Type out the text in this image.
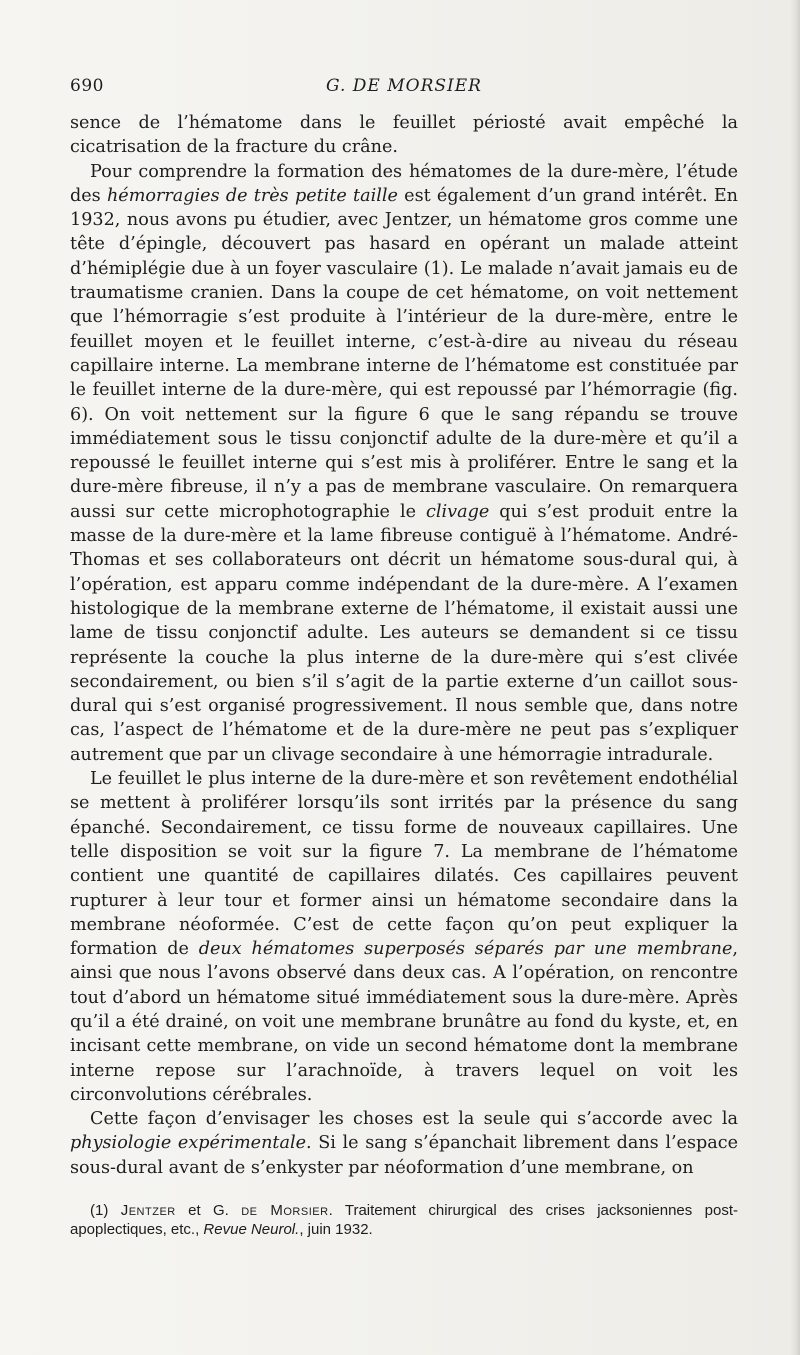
690	G. DE MORSIER

sence de l’hématome dans le feuillet périosté avait empêché la cicatrisation de la fracture du crâne.

Pour comprendre la formation des hématomes de la dure-mère, l’étude des hémorragies de très petite taille est également d’un grand intérêt. En 1932, nous avons pu étudier, avec Jentzer, un hématome gros comme une tête d’épingle, découvert pas hasard en opérant un malade atteint d’hémiplégie due à un foyer vasculaire (1). Le malade n’avait jamais eu de traumatisme cranien. Dans la coupe de cet hématome, on voit nettement que l’hémorragie s’est produite à l’intérieur de la dure-mère, entre le feuillet moyen et le feuillet interne, c’est-à-dire au niveau du réseau capillaire interne. La membrane interne de l’hématome est constituée par le feuillet interne de la dure-mère, qui est repoussé par l’hémorragie (fig. 6). On voit nettement sur la figure 6 que le sang répandu se trouve immédiatement sous le tissu conjonctif adulte de la dure-mère et qu’il a repoussé le feuillet interne qui s’est mis à proliférer. Entre le sang et la dure-mère fibreuse, il n’y a pas de membrane vasculaire. On remarquera aussi sur cette microphotographie le clivage qui s’est produit entre la masse de la dure-mère et la lame fibreuse contiguë à l’hématome. André-Thomas et ses collaborateurs ont décrit un hématome sous-dural qui, à l’opération, est apparu comme indépendant de la dure-mère. A l’examen histologique de la membrane externe de l’hématome, il existait aussi une lame de tissu conjonctif adulte. Les auteurs se demandent si ce tissu représente la couche la plus interne de la dure-mère qui s’est clivée secondairement, ou bien s’il s’agit de la partie externe d’un caillot sous-dural qui s’est organisé progressivement. Il nous semble que, dans notre cas, l’aspect de l’hématome et de la dure-mère ne peut pas s’expliquer autrement que par un clivage secondaire à une hémorragie intradurale.

Le feuillet le plus interne de la dure-mère et son revêtement endothélial se mettent à proliférer lorsqu’ils sont irrités par la présence du sang épanché. Secondairement, ce tissu forme de nouveaux capillaires. Une telle disposition se voit sur la figure 7. La membrane de l’hématome contient une quantité de capillaires dilatés. Ces capillaires peuvent rupturer à leur tour et former ainsi un hématome secondaire dans la membrane néoformée. C’est de cette façon qu’on peut expliquer la formation de deux hématomes superposés séparés par une membrane, ainsi que nous l’avons observé dans deux cas. A l’opération, on rencontre tout d’abord un hématome situé immédiatement sous la dure-mère. Après qu’il a été drainé, on voit une membrane brunâtre au fond du kyste, et, en incisant cette membrane, on vide un second hématome dont la membrane interne repose sur l’arachnoïde, à travers lequel on voit les circonvolutions cérébrales.

Cette façon d’envisager les choses est la seule qui s’accorde avec la physiologie expérimentale. Si le sang s’épanchait librement dans l’espace sous-dural avant de s’enkyster par néoformation d’une membrane, on

(1) Jentzer et G. de Morsier. Traitement chirurgical des crises jacksoniennes post-apoplectiques, etc., Revue Neurol., juin 1932.
